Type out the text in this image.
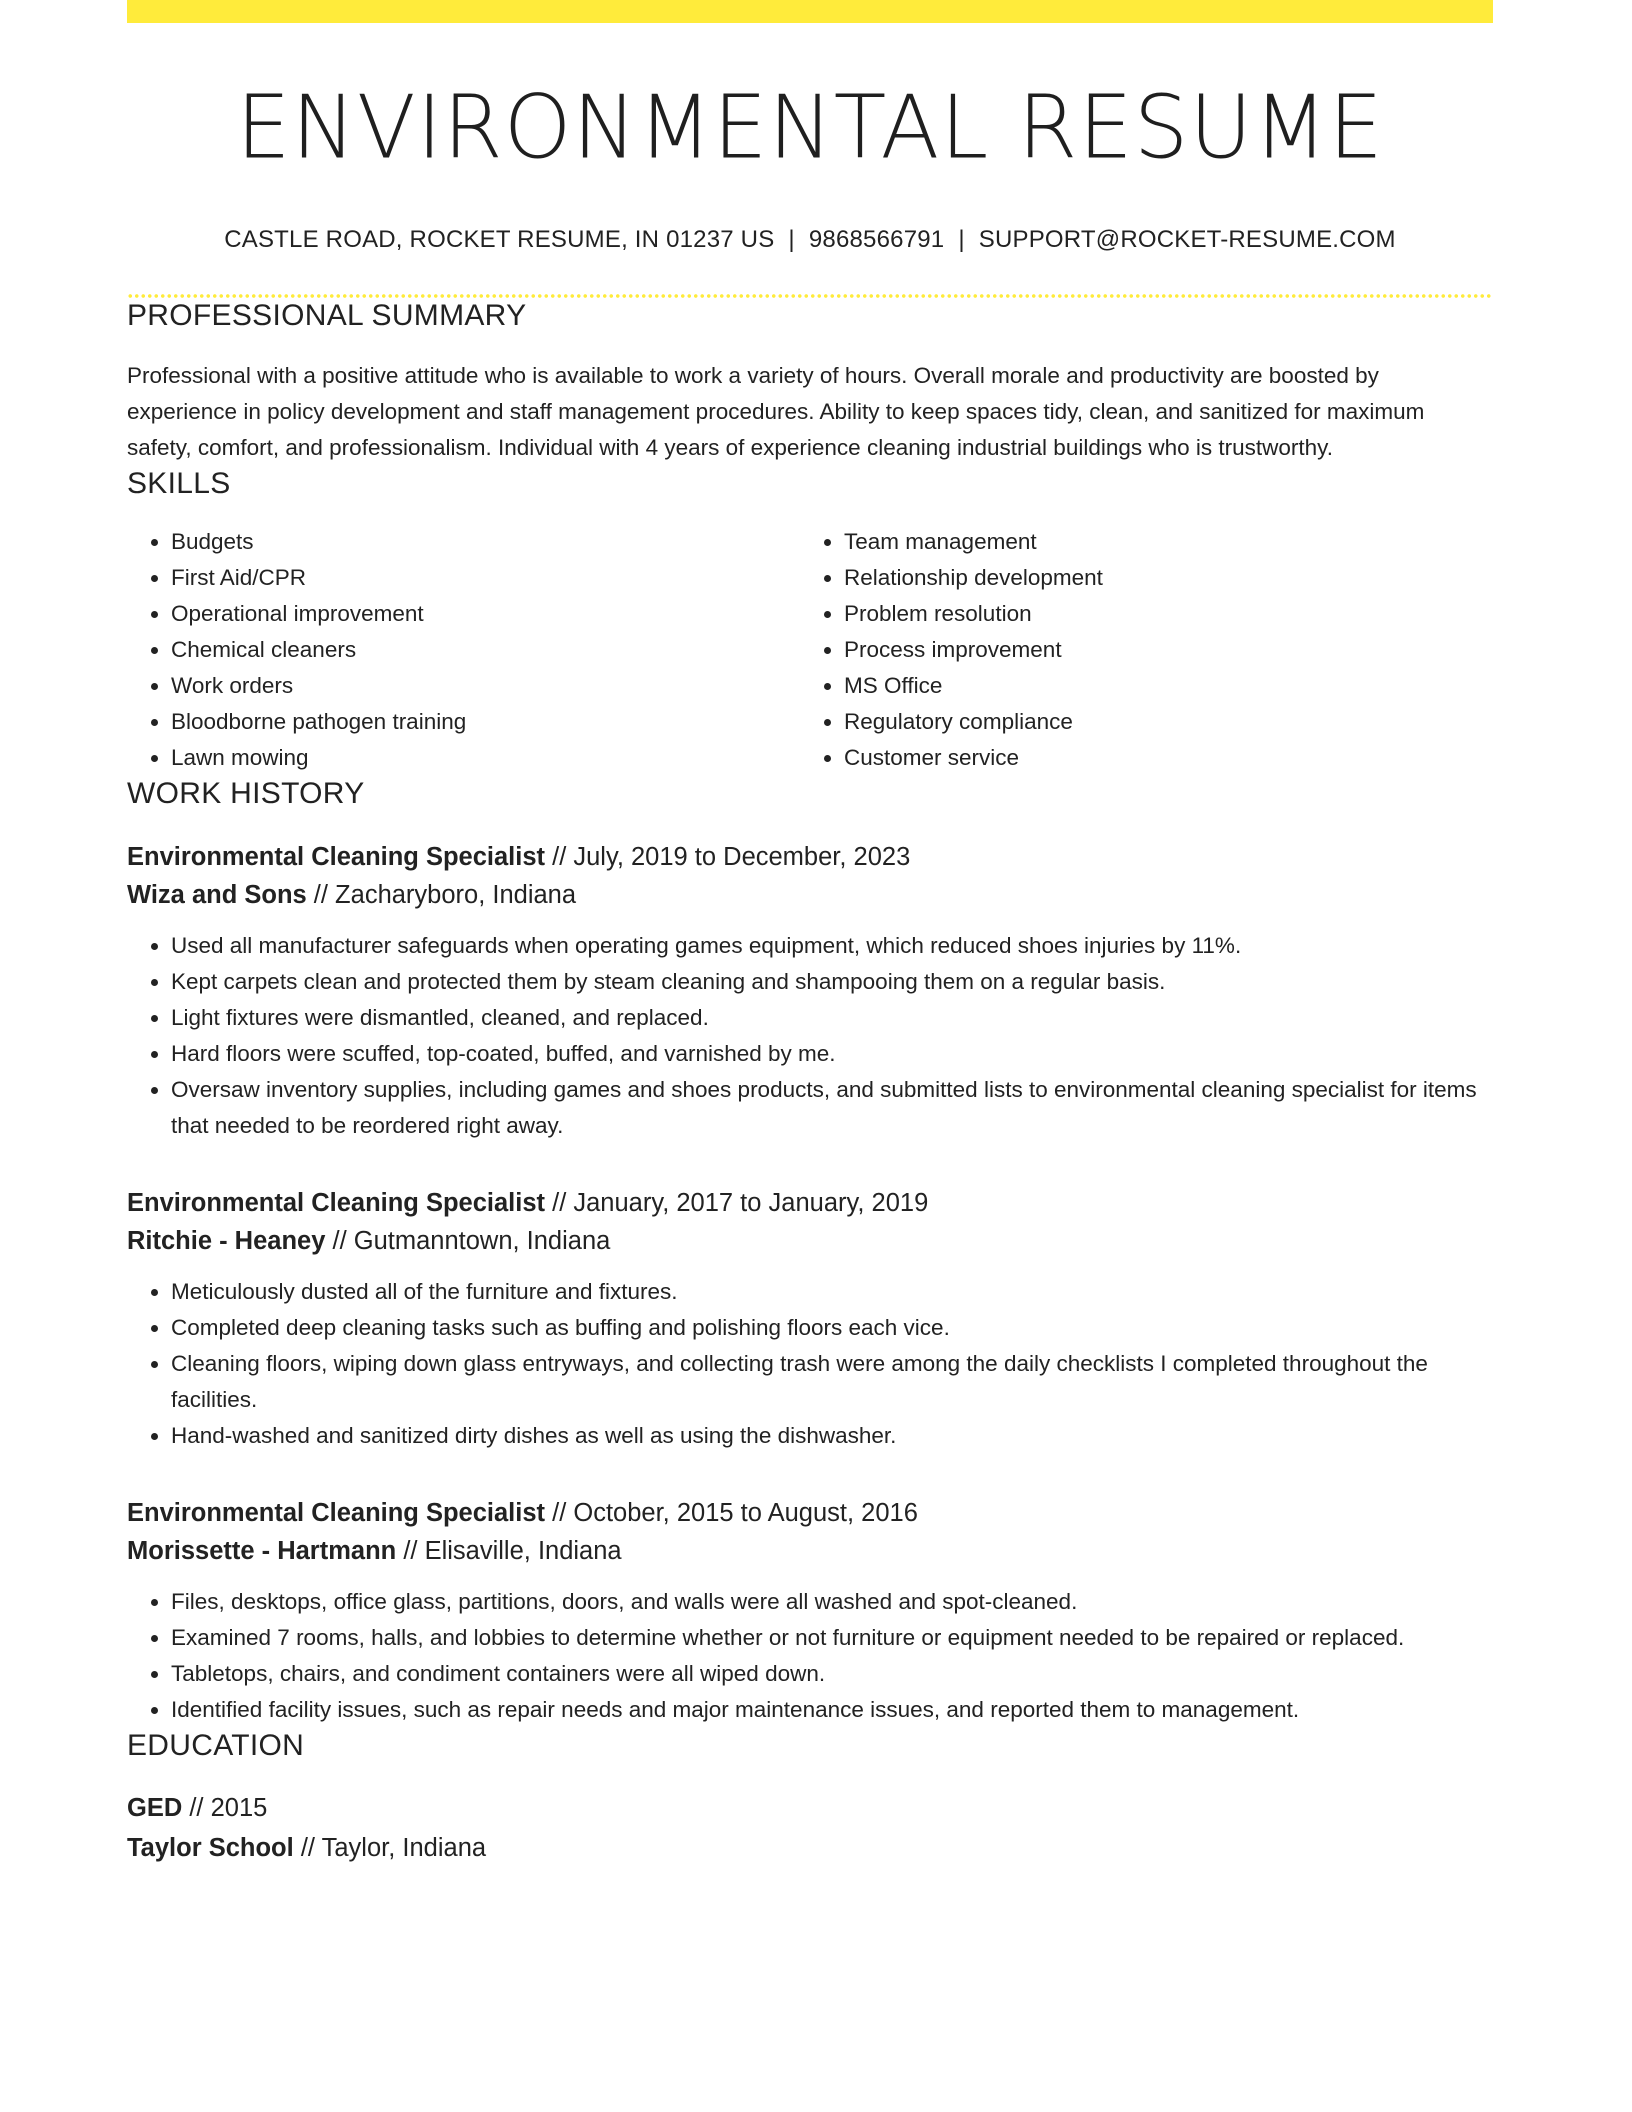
ENVIRONMENTAL RESUME
CASTLE ROAD, ROCKET RESUME, IN 01237 US | 9868566791 | SUPPORT@ROCKET-RESUME.COM
PROFESSIONAL SUMMARY
Professional with a positive attitude who is available to work a variety of hours. Overall morale and productivity are boosted by experience in policy development and staff management procedures. Ability to keep spaces tidy, clean, and sanitized for maximum safety, comfort, and professionalism. Individual with 4 years of experience cleaning industrial buildings who is trustworthy.
SKILLS
• Budgets
• First Aid/CPR
• Operational improvement
• Chemical cleaners
• Work orders
• Bloodborne pathogen training
• Lawn mowing
• Team management
• Relationship development
• Problem resolution
• Process improvement
• MS Office
• Regulatory compliance
• Customer service
WORK HISTORY
Environmental Cleaning Specialist // July, 2019 to December, 2023
Wiza and Sons // Zacharyboro, Indiana
• Used all manufacturer safeguards when operating games equipment, which reduced shoes injuries by 11%.
• Kept carpets clean and protected them by steam cleaning and shampooing them on a regular basis.
• Light fixtures were dismantled, cleaned, and replaced.
• Hard floors were scuffed, top-coated, buffed, and varnished by me.
• Oversaw inventory supplies, including games and shoes products, and submitted lists to environmental cleaning specialist for items that needed to be reordered right away.
Environmental Cleaning Specialist // January, 2017 to January, 2019
Ritchie - Heaney // Gutmanntown, Indiana
• Meticulously dusted all of the furniture and fixtures.
• Completed deep cleaning tasks such as buffing and polishing floors each vice.
• Cleaning floors, wiping down glass entryways, and collecting trash were among the daily checklists I completed throughout the facilities.
• Hand-washed and sanitized dirty dishes as well as using the dishwasher.
Environmental Cleaning Specialist // October, 2015 to August, 2016
Morissette - Hartmann // Elisaville, Indiana
• Files, desktops, office glass, partitions, doors, and walls were all washed and spot-cleaned.
• Examined 7 rooms, halls, and lobbies to determine whether or not furniture or equipment needed to be repaired or replaced.
• Tabletops, chairs, and condiment containers were all wiped down.
• Identified facility issues, such as repair needs and major maintenance issues, and reported them to management.
EDUCATION
GED // 2015
Taylor School // Taylor, Indiana
